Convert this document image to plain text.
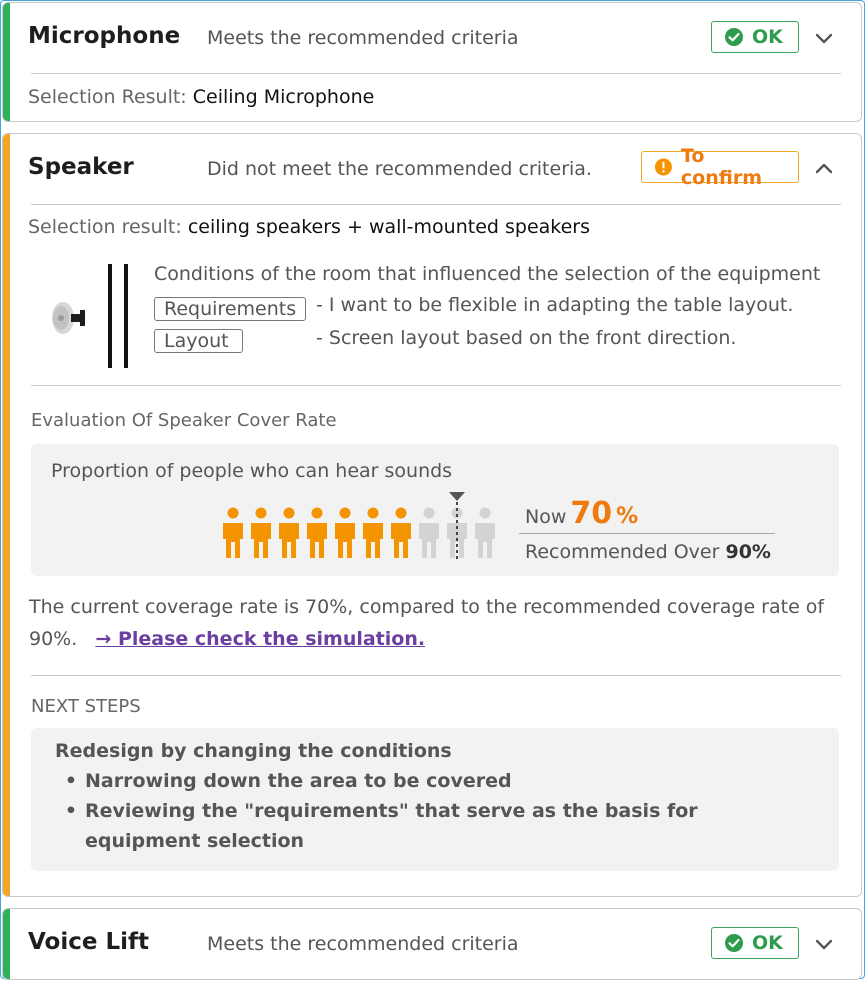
Microphone Meets the recommended criteria	OK
Selection Result: Ceiling Microphone
Speaker	Did not meet the recommended criteria.
To confirm
Selection result: ceiling speakers + wall-mounted speakers
Conditions of the room that influenced the selection of the equipment
Requirements	- I want to be flexible in adapting the table layout.
Layout	- Screen layout based on the front direction.
Evaluation Of Speaker Cover Rate
Proportion of people who can hear sounds
Now 70 %
Recommended Over 90%
The current coverage rate is 70%, compared to the recommended coverage rate of 90%. → Please check the simulation.
NEXT STEPS
Redesign by changing the conditions
• Narrowing down the area to be covered
• Reviewing the "requirements" that serve as the basis for equipment selection
Voice Lift	Meets the recommended criteria	OK
